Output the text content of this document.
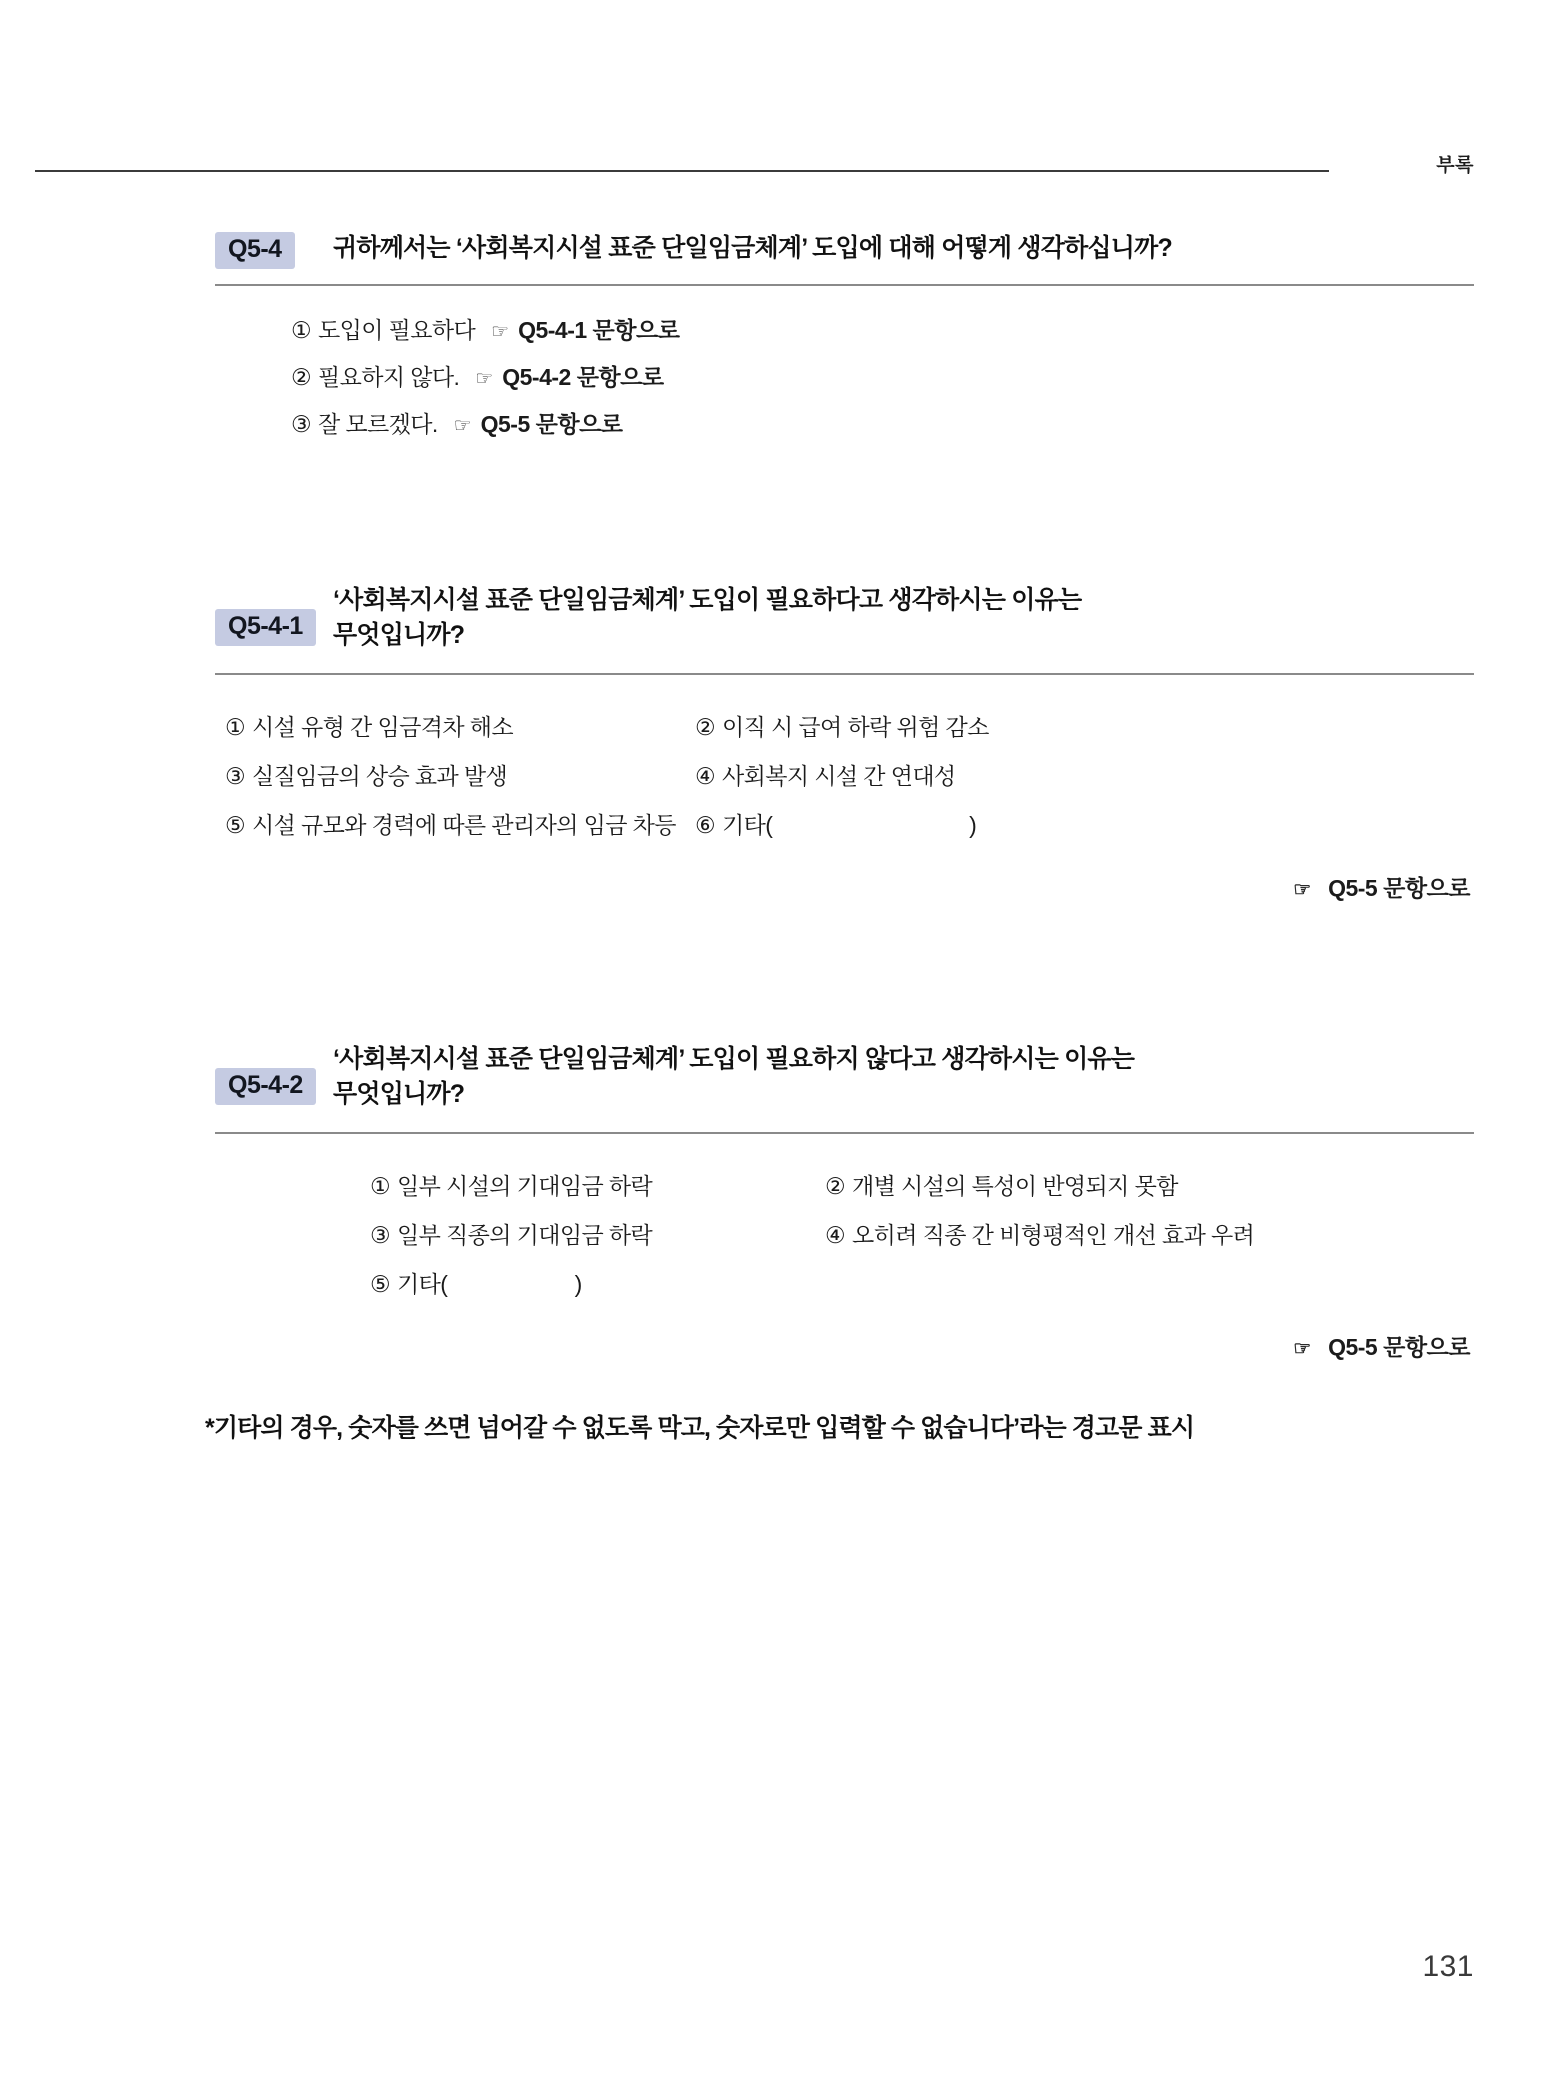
부록
Q5-4	귀하께서는 ‘사회복지시설 표준 단일임금체계’ 도입에 대해 어떻게 생각하십니까?
① 도입이 필요하다 ☞ Q5-4-1 문항으로
② 필요하지 않다. ☞ Q5-4-2 문항으로
③ 잘 모르겠다. ☞ Q5-5 문항으로
Q5-4-1
‘사회복지시설 표준 단일임금체계’ 도입이 필요하다고 생각하시는 이유는
무엇입니까?
① 시설 유형 간 임금격차 해소	② 이직 시 급여 하락 위험 감소
③ 실질임금의 상승 효과 발생	④ 사회복지 시설 간 연대성
⑤ 시설 규모와 경력에 따른 관리자의 임금 차등 ⑥ 기타(                                  )
☞ Q5-5 문항으로
Q5-4-2
‘사회복지시설 표준 단일임금체계’ 도입이 필요하지 않다고 생각하시는 이유는
무엇입니까?
① 일부 시설의 기대임금 하락	② 개별 시설의 특성이 반영되지 못함
③ 일부 직종의 기대임금 하락	④ 오히려 직종 간 비형평적인 개선 효과 우려
⑤ 기타(                      )
☞ Q5-5 문항으로
*기타의 경우, 숫자를 쓰면 넘어갈 수 없도록 막고, 숫자로만 입력할 수 없습니다’라는 경고문 표시
131
